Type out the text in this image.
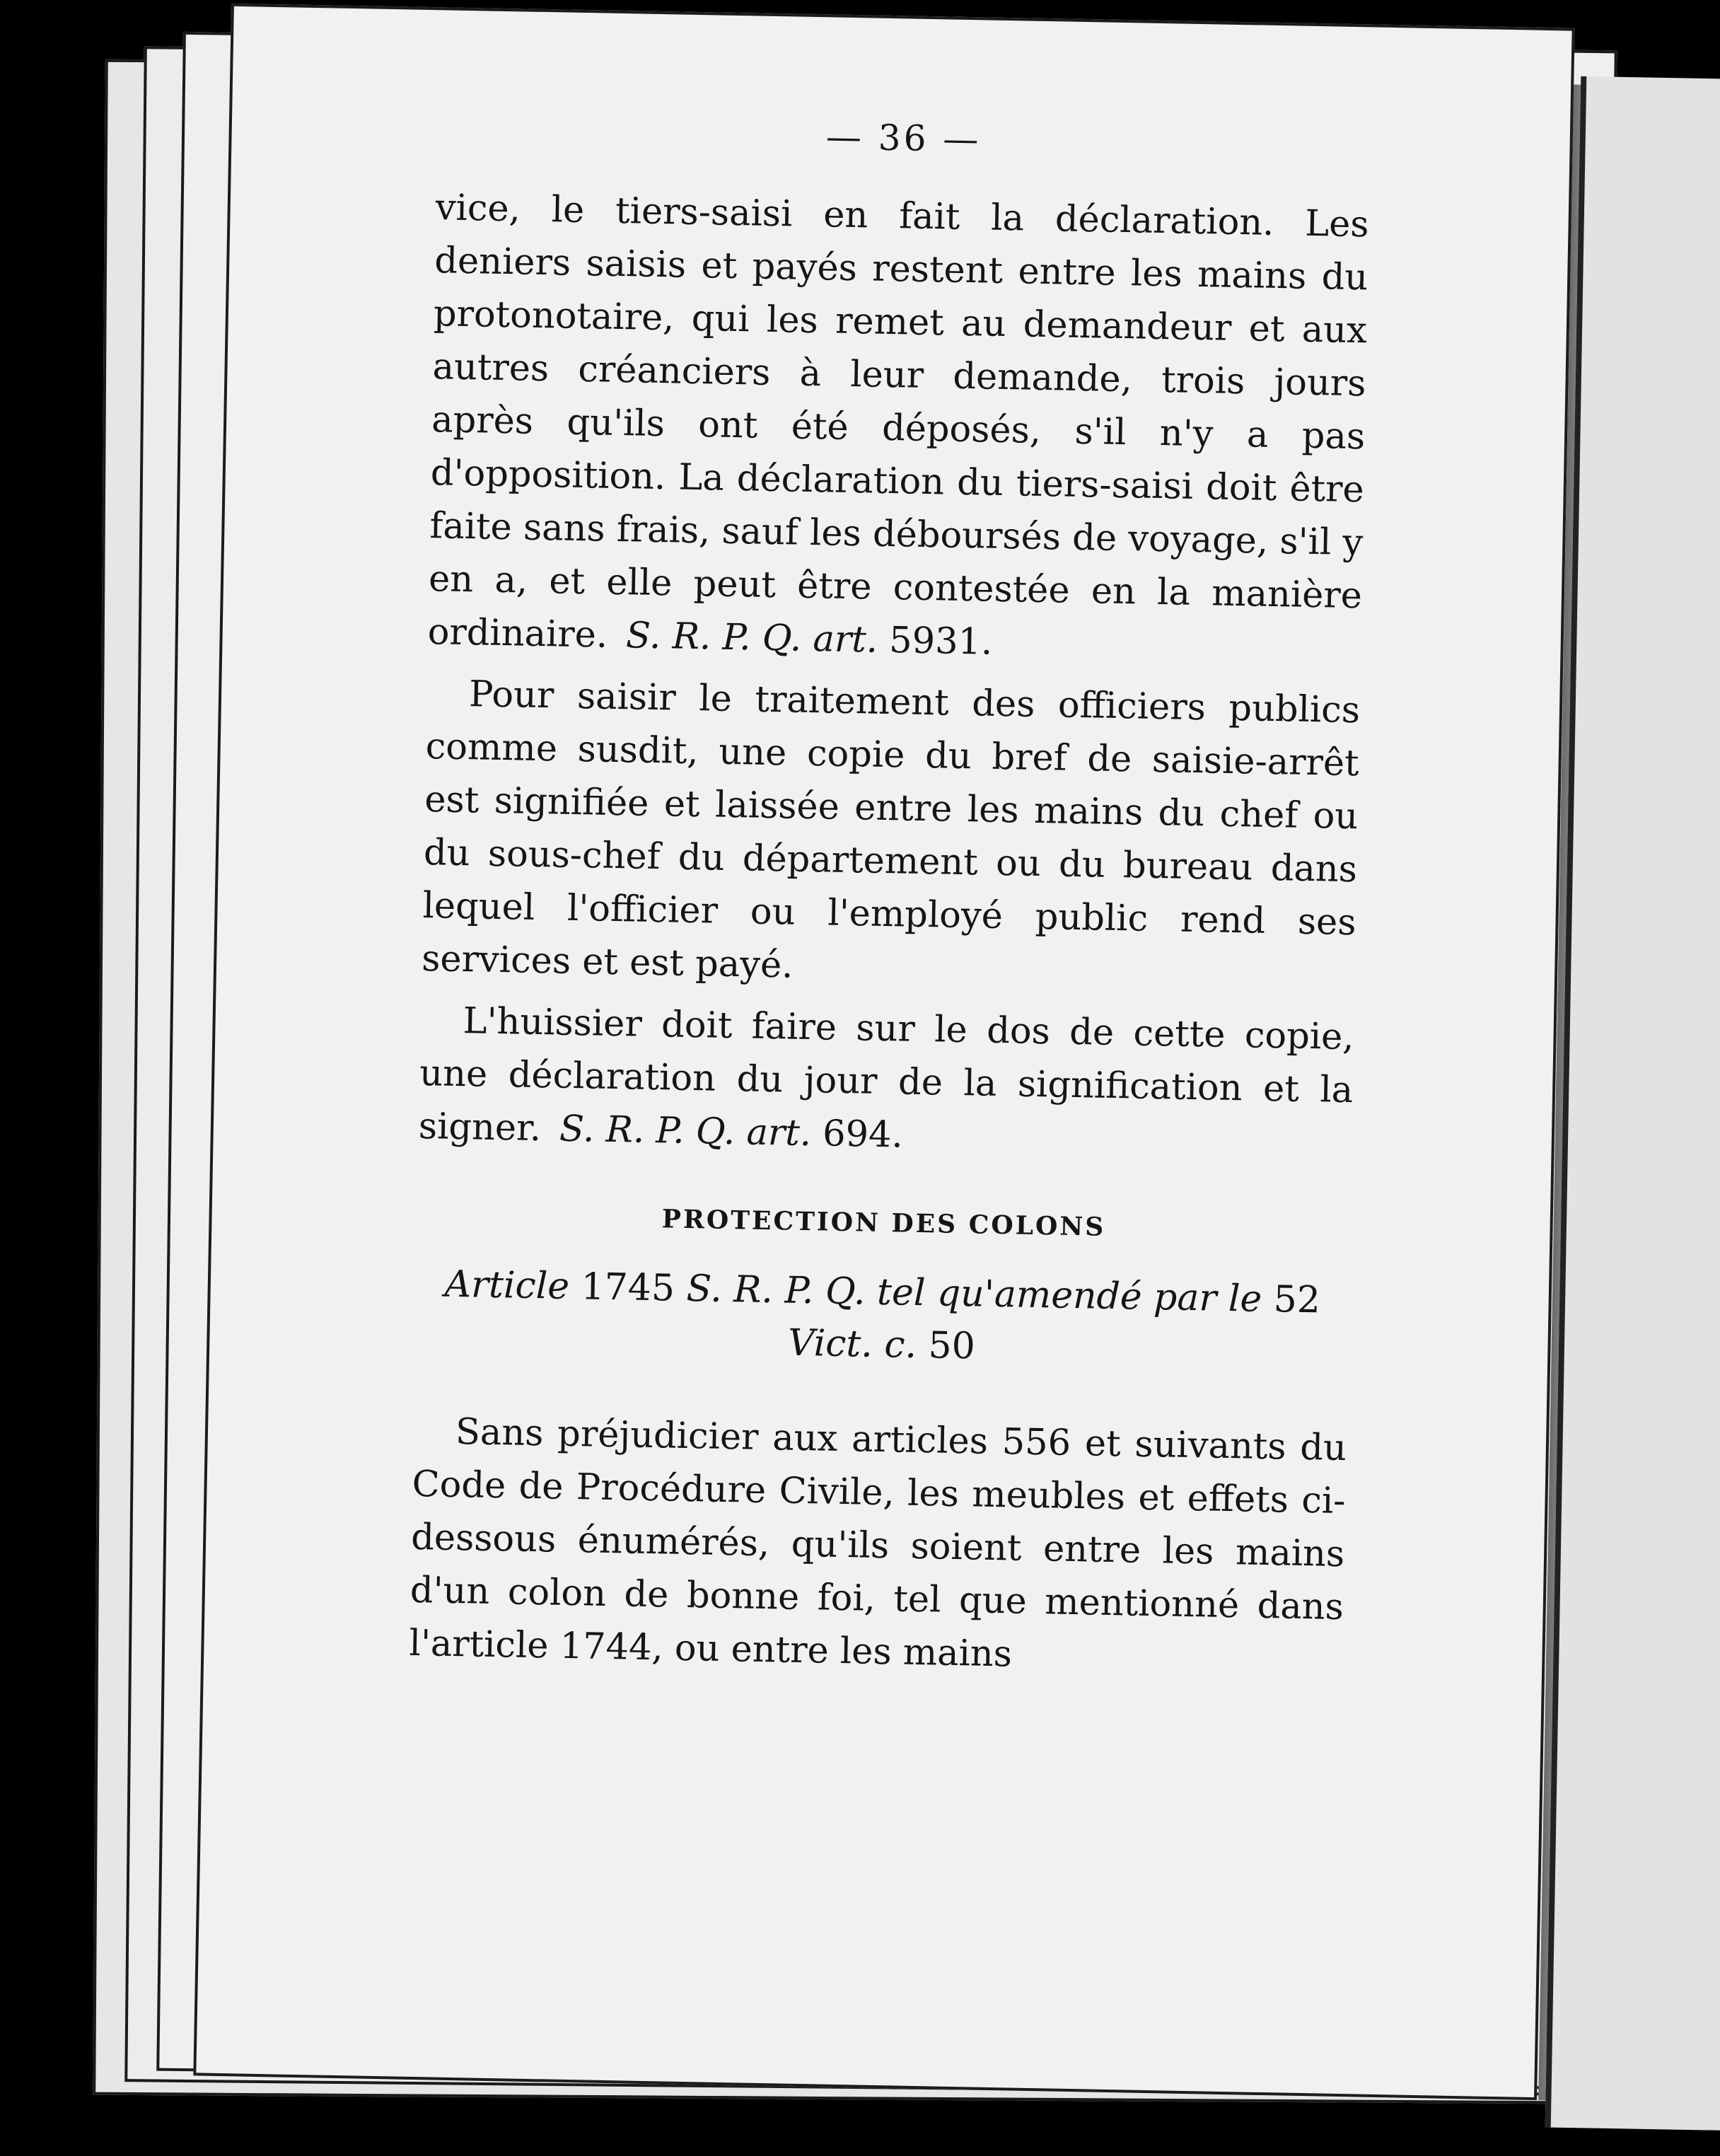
— 36 —

vice, le tiers-saisi en fait la déclaration. Les deniers saisis et payés restent entre les mains du protonotaire, qui les remet au demandeur et aux autres créanciers à leur demande, trois jours après qu'ils ont été déposés, s'il n'y a pas d'opposition. La déclaration du tiers-saisi doit être faite sans frais, sauf les déboursés de voyage, s'il y en a, et elle peut être contestée en la manière ordinaire. S. R. P. Q. art. 5931.

Pour saisir le traitement des officiers publics comme susdit, une copie du bref de saisie-arrêt est signifiée et laissée entre les mains du chef ou du sous-chef du département ou du bureau dans lequel l'officier ou l'employé public rend ses services et est payé.

L'huissier doit faire sur le dos de cette copie, une déclaration du jour de la signification et la signer. S. R. P. Q. art. 694.

PROTECTION DES COLONS
Article 1745 S. R. P. Q. tel qu'amendé par le 52
Vict. c. 50

Sans préjudicier aux articles 556 et suivants du Code de Procédure Civile, les meubles et effets ci-dessous énumérés, qu'ils soient entre les mains d'un colon de bonne foi, tel que mentionné dans l'article 1744, ou entre les mains
